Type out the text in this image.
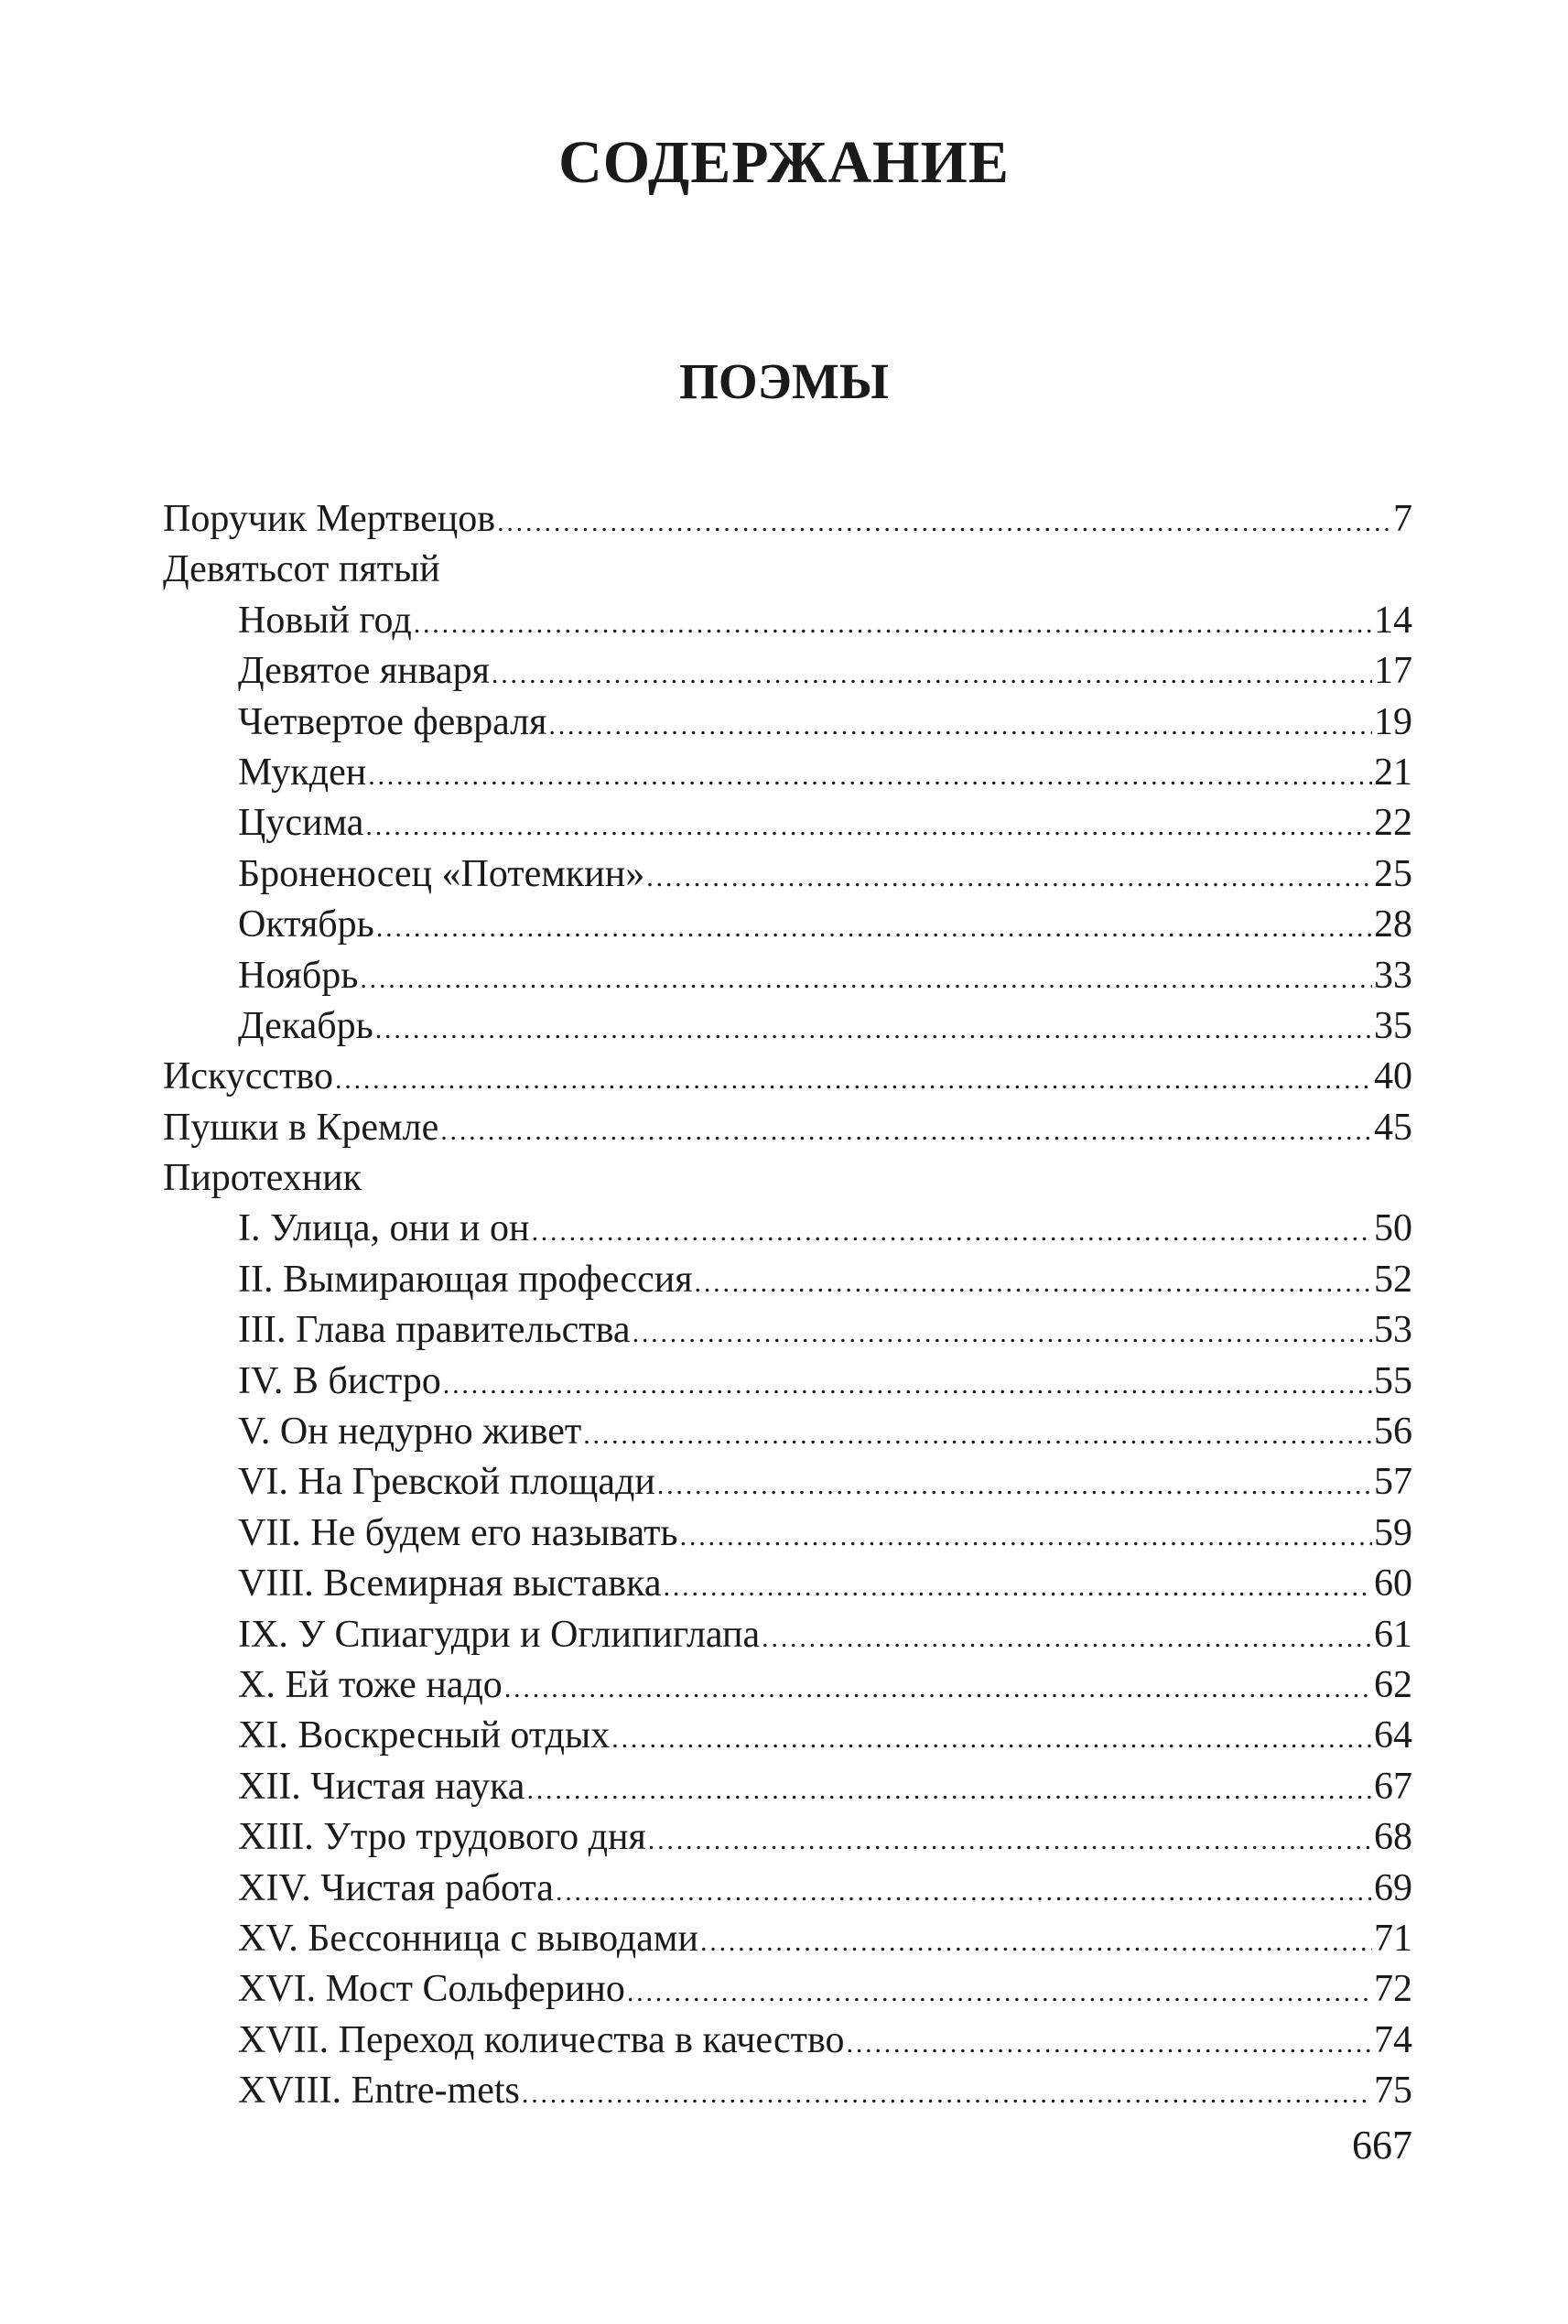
СОДЕРЖАНИЕ
ПОЭМЫ
Поручик Мертвецов .....	7
Девятьсот пятый
Новый год .....	14
Девятое января .....	17
Четвертое февраля .....	19
Мукден .....	21
Цусима .....	22
Броненосец «Потемкин» .....	25
Октябрь .....	28
Ноябрь .....	33
Декабрь .....	35
Искусство .....	40
Пушки в Кремле .....	45
Пиротехник
I. Улица, они и он .....	50
II. Вымирающая профессия .....	52
III. Глава правительства .....	53
IV. В бистро .....	55
V. Он недурно живет .....	56
VI. На Гревской площади .....	57
VII. Не будем его называть .....	59
VIII. Всемирная выставка .....	60
IX. У Спиагудри и Оглипиглапа .....	61
X. Ей тоже надо .....	62
XI. Воскресный отдых .....	64
XII. Чистая наука .....	67
XIII. Утро трудового дня .....	68
XIV. Чистая работа .....	69
XV. Бессонница с выводами .....	71
XVI. Мост Сольферино .....	72
XVII. Переход количества в качество .....	74
XVIII. Entre-mets .....	75
667
